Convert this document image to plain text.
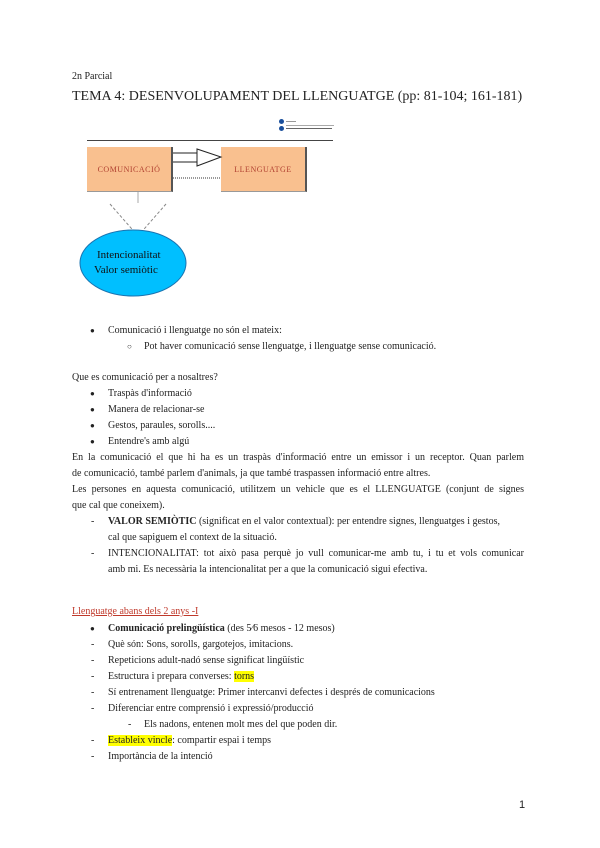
2n Parcial
TEMA 4: DESENVOLUPAMENT DEL LLENGUATGE (pp: 81-104; 161-181)
COMUNICACIÓ	LLENGUATGE
Intencionalitat
Valor semiòtic
● Comunicació i llenguatge no són el mateix:
○ Pot haver comunicació sense llenguatge, i llenguatge sense comunicació.
Que es comunicació per a nosaltres?
● Traspàs d'informació
● Manera de relacionar-se
● Gestos, paraules, sorolls....
● Entendre's amb algú
En la comunicació el que hi ha es un traspàs d'informació entre un emissor i un receptor. Quan parlem
de comunicació, també parlem d'animals, ja que també traspassen informació entre altres.
Les persones en aquesta comunicació, utilitzem un vehicle que es el LLENGUATGE (conjunt de signes
que cal que coneixem).
- VALOR SEMIÒTIC (significat en el valor contextual): per entendre signes, llenguatges i gestos,
cal que sapiguem el context de la situació.
- INTENCIONALITAT: tot això pasa perquè jo vull comunicar-me amb tu, i tu et vols comunicar
amb mi. Es necessària la intencionalitat per a que la comunicació sigui efectiva.
Llenguatge abans dels 2 anys -I
● Comunicació prelingüística (des 5⁄6 mesos - 12 mesos)
- Què són: Sons, sorolls, gargotejos, imitacions.
- Repeticions adult-nadó sense significat lingüístic
- Estructura i prepara converses: torns
- Sí entrenament llenguatge: Primer intercanvi defectes i després de comunicacions
- Diferenciar entre comprensió i expressió/producció
- Els nadons, entenen molt mes del que poden dir.
- Estableix vincle: compartir espai i temps
- Importància de la intenció
1
